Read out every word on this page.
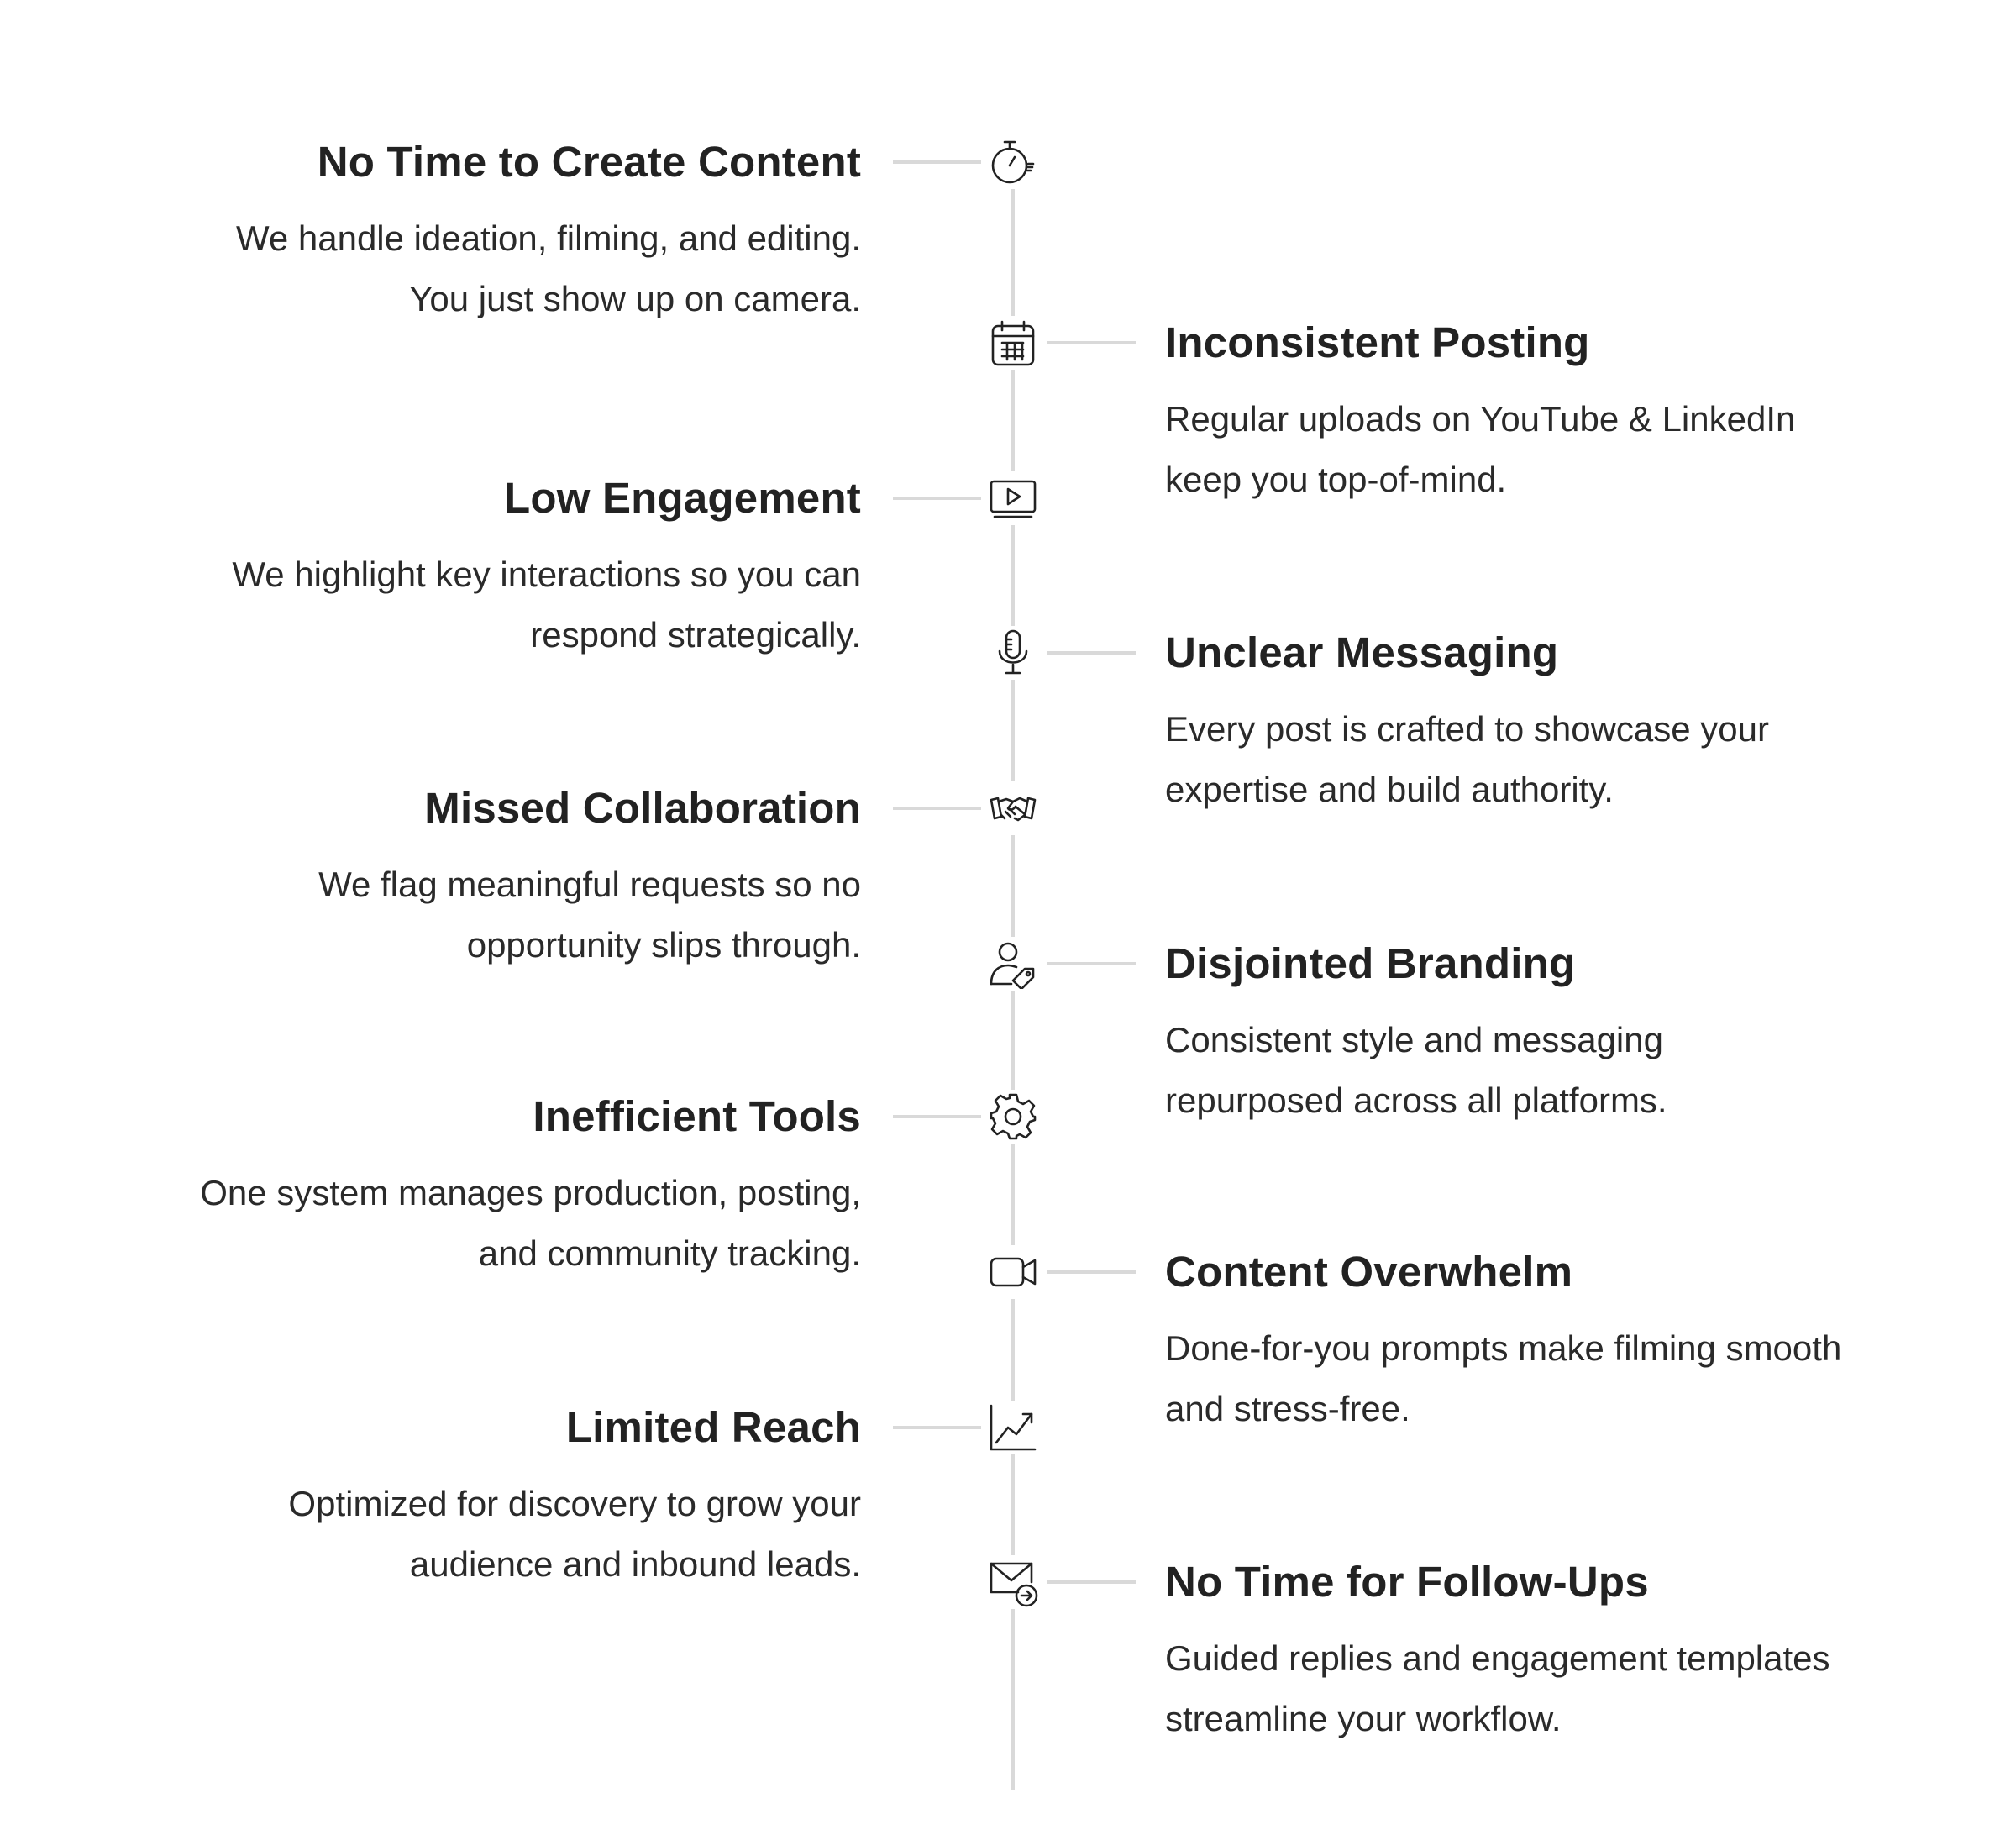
No Time to Create Content

We handle ideation, filming, and editing.
You just show up on camera.

Inconsistent Posting

Regular uploads on YouTube & LinkedIn
keep you top-of-mind.

Low Engagement

We highlight key interactions so you can
respond strategically.	Unclear Messaging

Every post is crafted to showcase your
expertise and build authority.

Missed Collaboration

We flag meaningful requests so no
opportunity slips through.	Disjointed Branding

Consistent style and messaging
repurposed across all platforms.

Inefficient Tools

One system manages production, posting,
and community tracking.	Content Overwhelm

Done-for-you prompts make filming smooth
and stress-free.

Limited Reach

Optimized for discovery to grow your
audience and inbound leads.	No Time for Follow-Ups

Guided replies and engagement templates
streamline your workflow.
